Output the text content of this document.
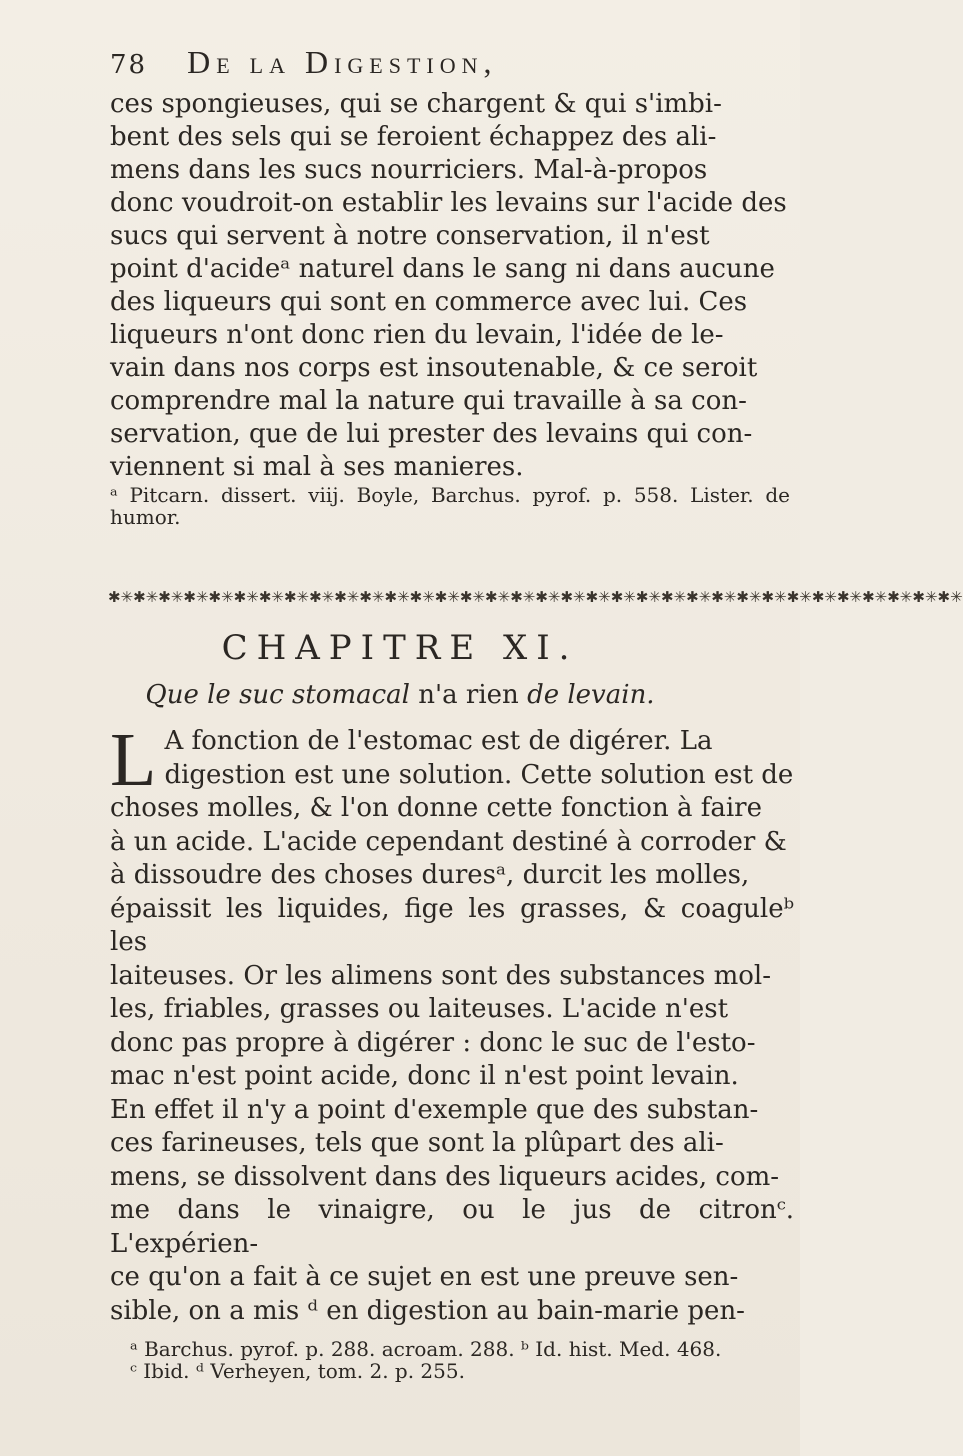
78 De la Digestion,

ces spongieuses, qui se chargent & qui s'imbi-

bent des sels qui se feroient échappez des ali-

mens dans les sucs nourriciers. Mal-à-propos

donc voudroit-on establir les levains sur l'acide des

sucs qui servent à notre conservation, il n'est

point d'acideᵃ naturel dans le sang ni dans aucune

des liqueurs qui sont en commerce avec lui. Ces

liqueurs n'ont donc rien du levain, l'idée de le-

vain dans nos corps est insoutenable, & ce seroit

comprendre mal la nature qui travaille à sa con-

servation, que de lui prester des levains qui con-

viennent si mal à ses manieres.

ᵃ Pitcarn. dissert. viij. Boyle, Barchus. pyrof. p. 558. Lister. de humor.

✱✳✱✳✱✳✱✳✱✳✱✳✱✳✱✳✱✳✱✳✱✳✱✳✱✳✱✳✱✳✱✳✱✳✱✳✱✳✱✳✱✳✱✳✱✳✱✳✱✳✱✳✱✳✱✳✱✳✱✳✱✳✱✳✱✳✱✳
CHAPITRE XI.
Que le suc stomacal n'a rien de levain.
L A fonction de l'estomac est de digérer. La

digestion est une solution. Cette solution est de

choses molles, & l'on donne cette fonction à faire

à un acide. L'acide cependant destiné à corroder &

à dissoudre des choses duresᵃ, durcit les molles,

épaissit les liquides, fige les grasses, & coaguleᵇ les

laiteuses. Or les alimens sont des substances mol-

les, friables, grasses ou laiteuses. L'acide n'est

donc pas propre à digérer : donc le suc de l'esto-

mac n'est point acide, donc il n'est point levain.

En effet il n'y a point d'exemple que des substan-

ces farineuses, tels que sont la plûpart des ali-

mens, se dissolvent dans des liqueurs acides, com-

me dans le vinaigre, ou le jus de citronᶜ. L'expérien-

ce qu'on a fait à ce sujet en est une preuve sen-

sible, on a mis ᵈ en digestion au bain-marie pen-

ᵃ Barchus. pyrof. p. 288. acroam. 288. ᵇ Id. hist. Med. 468.
ᶜ Ibid. ᵈ Verheyen, tom. 2. p. 255.
